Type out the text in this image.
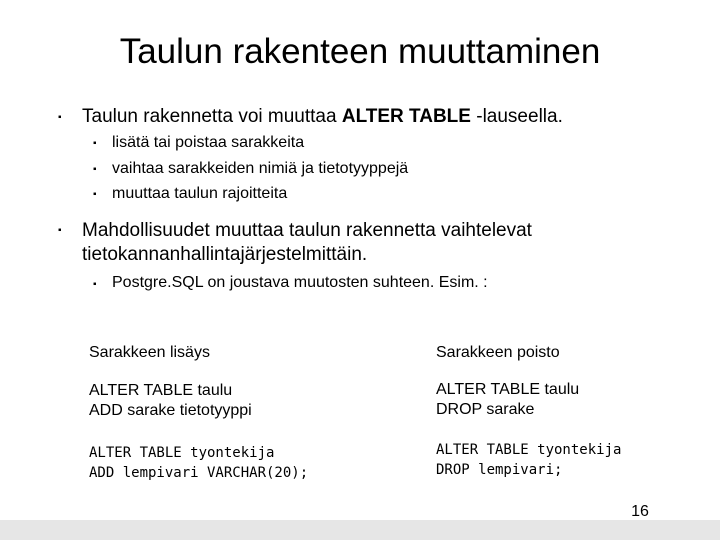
Taulun rakenteen muuttaminen
▪ Taulun rakennetta voi muuttaa ALTER TABLE -lauseella.
▪ lisätä tai poistaa sarakkeita
▪ vaihtaa sarakkeiden nimiä ja tietotyyppejä
▪ muuttaa taulun rajoitteita
▪ Mahdollisuudet muuttaa taulun rakennetta vaihtelevat
tietokannanhallintajärjestelmittäin.
▪ Postgre.SQL on joustava muutosten suhteen. Esim. :
Sarakkeen lisäys	Sarakkeen poisto
ALTER TABLE taulu
ADD sarake tietotyyppi
ALTER TABLE taulu
DROP sarake
ALTER TABLE tyontekija
ADD lempivari VARCHAR(20);
ALTER TABLE tyontekija
DROP lempivari;
16
